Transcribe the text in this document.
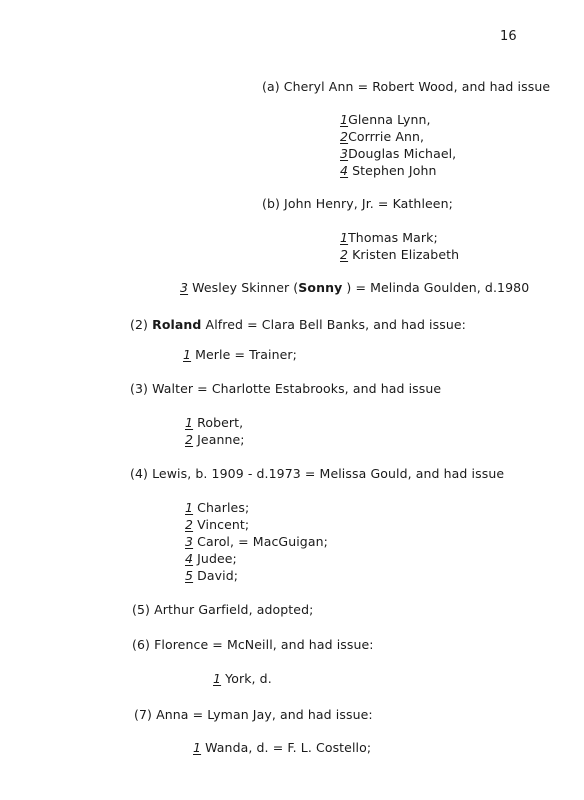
16
(a) Cheryl Ann = Robert Wood, and had issue
1Glenna Lynn,
2Corrrie Ann,
3Douglas Michael,
4 Stephen John
(b) John Henry, Jr. = Kathleen;
1Thomas Mark;
2 Kristen Elizabeth
3 Wesley Skinner (Sonny ) = Melinda Goulden, d.1980
(2) Roland Alfred = Clara Bell Banks, and had issue:
1 Merle = Trainer;
(3) Walter = Charlotte Estabrooks, and had issue
1 Robert,
2 Jeanne;
(4) Lewis, b. 1909 - d.1973 = Melissa Gould, and had issue
1 Charles;
2 Vincent;
3 Carol, = MacGuigan;
4 Judee;
5 David;
(5) Arthur Garfield, adopted;
(6) Florence = McNeill, and had issue:
1 York, d.
(7) Anna = Lyman Jay, and had issue:
1 Wanda, d. = F. L. Costello;
